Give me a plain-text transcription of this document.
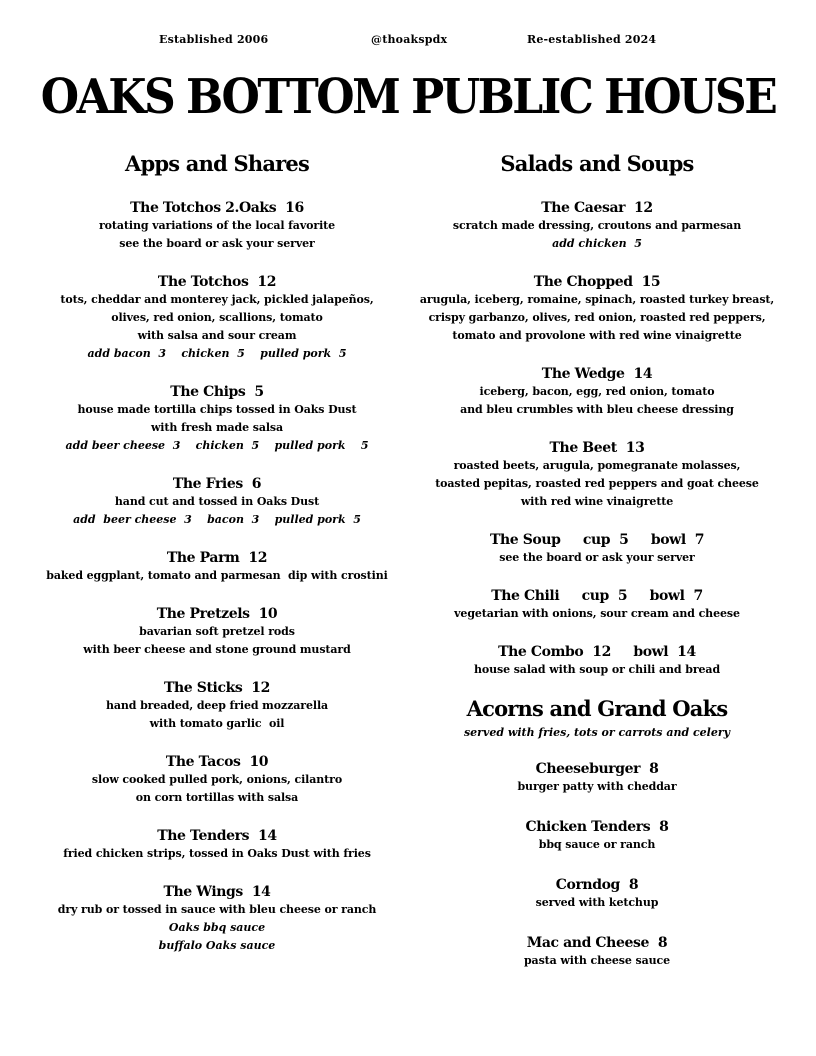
Established 2006	@thoakspdx	Re-established 2024
OAKS BOTTOM PUBLIC HOUSE
Apps and Shares
The Totchos 2.Oaks  16
rotating variations of the local favorite
see the board or ask your server
The Totchos  12
tots, cheddar and monterey jack, pickled jalapeños,
olives, red onion, scallions, tomato
with salsa and sour cream
add bacon  3    chicken  5    pulled pork  5
The Chips  5
house made tortilla chips tossed in Oaks Dust
with fresh made salsa
add beer cheese  3    chicken  5    pulled pork    5
The Fries  6
hand cut and tossed in Oaks Dust
add  beer cheese  3    bacon  3    pulled pork  5
The Parm  12
baked eggplant, tomato and parmesan  dip with crostini
The Pretzels  10
bavarian soft pretzel rods
with beer cheese and stone ground mustard
The Sticks  12
hand breaded, deep fried mozzarella
with tomato garlic  oil
The Tacos  10
slow cooked pulled pork, onions, cilantro
on corn tortillas with salsa
The Tenders  14
fried chicken strips, tossed in Oaks Dust with fries
The Wings  14
dry rub or tossed in sauce with bleu cheese or ranch
Oaks bbq sauce
buffalo Oaks sauce
Salads and Soups
The Caesar  12
scratch made dressing, croutons and parmesan
add chicken  5
The Chopped  15
arugula, iceberg, romaine, spinach, roasted turkey breast,
crispy garbanzo, olives, red onion, roasted red peppers,
tomato and provolone with red wine vinaigrette
The Wedge  14
iceberg, bacon, egg, red onion, tomato
and bleu crumbles with bleu cheese dressing
The Beet  13
roasted beets, arugula, pomegranate molasses,
toasted pepitas, roasted red peppers and goat cheese
with red wine vinaigrette
The Soup     cup  5     bowl  7
see the board or ask your server
The Chili     cup  5     bowl  7
vegetarian with onions, sour cream and cheese
The Combo  12     bowl  14
house salad with soup or chili and bread
Acorns and Grand Oaks
served with fries, tots or carrots and celery
Cheeseburger  8
burger patty with cheddar
Chicken Tenders  8
bbq sauce or ranch
Corndog  8
served with ketchup
Mac and Cheese  8
pasta with cheese sauce
